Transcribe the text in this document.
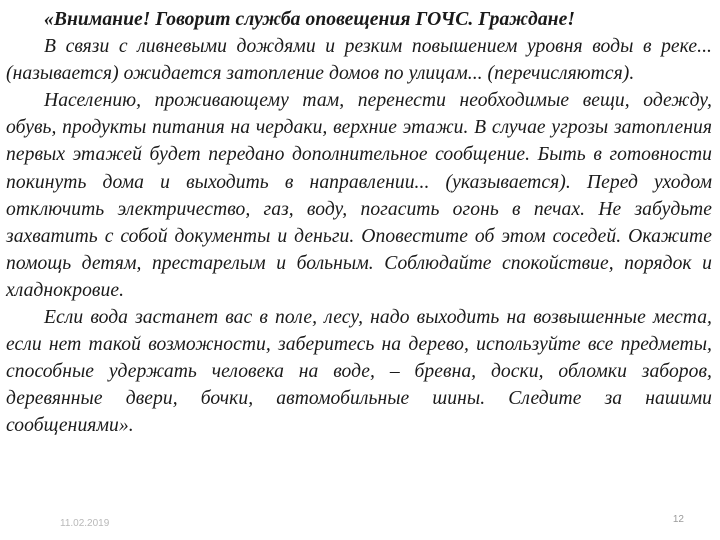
«Внимание! Говорит служба оповещения ГОЧС. Граждане!

В связи с ливневыми дождями и резким повышением уровня воды в реке... (называется) ожидается затопление домов по улицам... (перечисляются).

Населению, проживающему там, перенести необходимые вещи, одежду, обувь, продукты питания на чердаки, верхние этажи. В случае угрозы затопления первых этажей будет передано дополнительное сообщение. Быть в готовности покинуть дома и выходить в направлении... (указывается). Перед уходом отключить электричество, газ, воду, погасить огонь в печах. Не забудьте захватить с собой документы и деньги. Оповестите об этом соседей. Окажите помощь детям, престарелым и больным. Соблюдайте спокойствие, порядок и хладнокровие.

Если вода застанет вас в поле, лесу, надо выходить на возвышенные места, если нет такой возможности, заберитесь на дерево, используйте все предметы, способные удержать человека на воде, – бревна, доски, обломки заборов, деревянные двери, бочки, автомобильные шины. Следите за нашими сообщениями».

11.02.2019	12
